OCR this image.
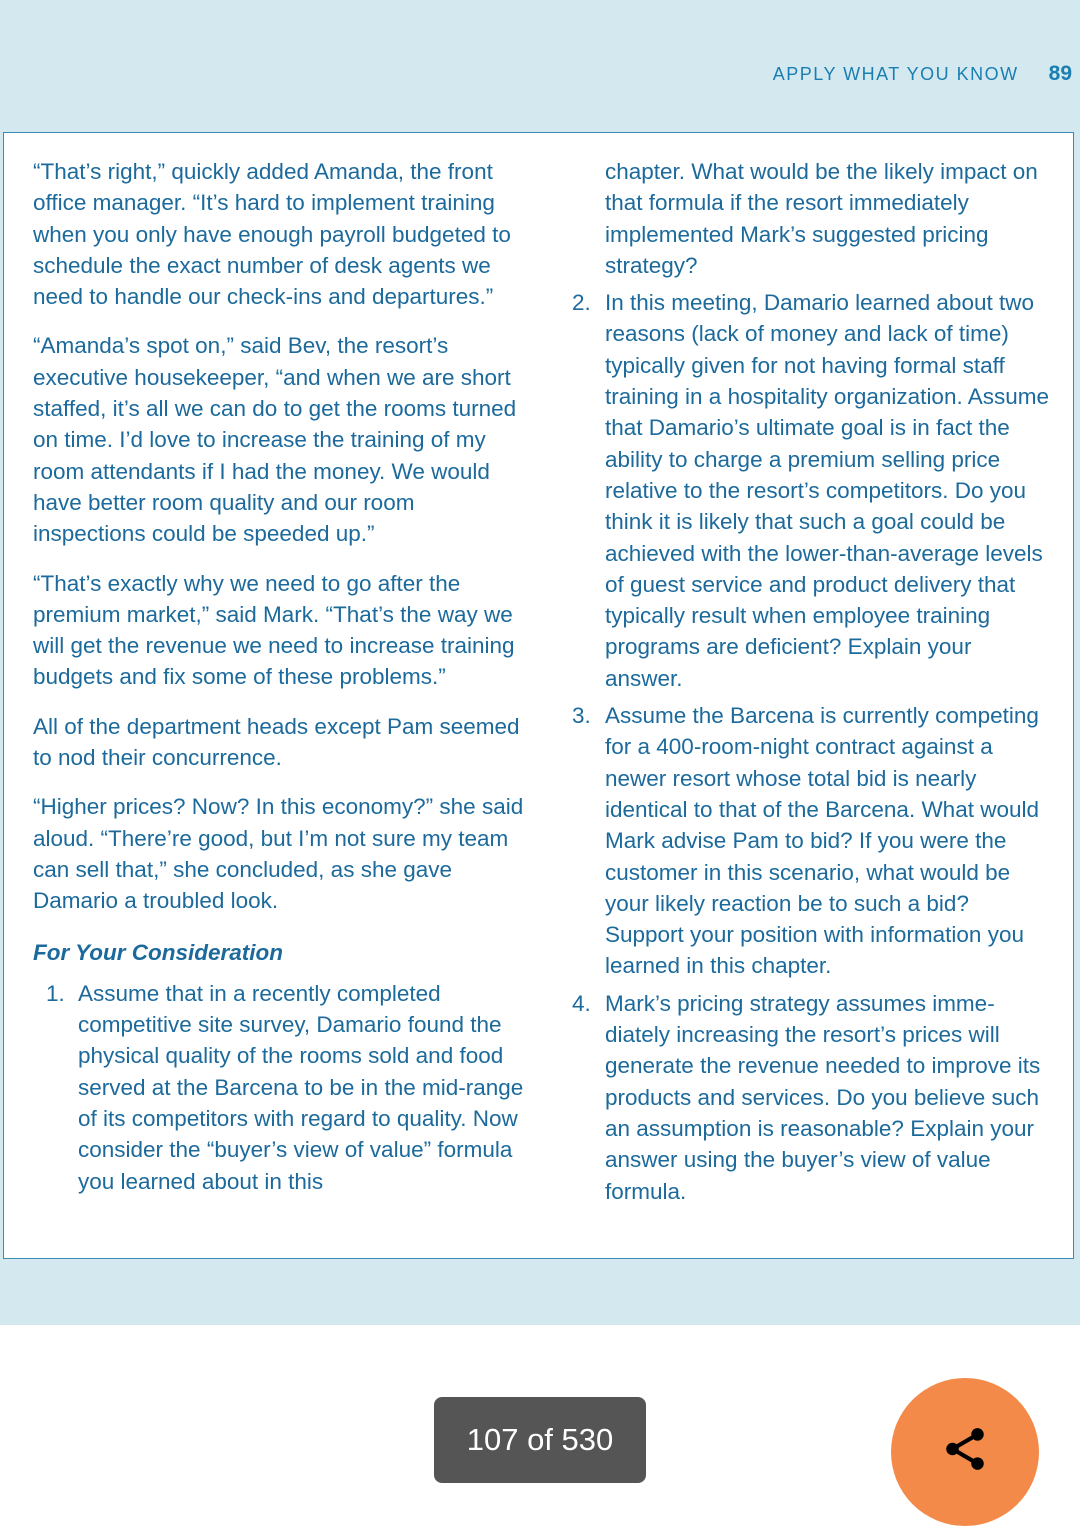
APPLY WHAT YOU KNOW 89

“That’s right,” quickly added Amanda, the front office manager. “It’s hard to implement training when you only have enough payroll budgeted to schedule the exact number of desk agents we need to handle our check-ins and departures.”

“Amanda’s spot on,” said Bev, the resort’s executive housekeeper, “and when we are short staffed, it’s all we can do to get the rooms turned on time. I’d love to increase the training of my room attendants if I had the money. We would have better room quality and our room inspections could be speeded up.”

“That’s exactly why we need to go after the premium market,” said Mark. “That’s the way we will get the revenue we need to increase training budgets and fix some of these problems.”

All of the department heads except Pam seemed to nod their concurrence.

“Higher prices? Now? In this economy?” she said aloud. “There’re good, but I’m not sure my team can sell that,” she concluded, as she gave Damario a troubled look.

For Your Consideration
1. Assume that in a recently completed competitive site survey, Damario found the physical quality of the rooms sold and food served at the Barcena to be in the mid-range of its competitors with regard to quality. Now consider the “buyer’s view of value” formula you learned about in this

chapter. What would be the likely impact on that formula if the resort immediately implemented Mark’s suggested pricing strategy?

2. In this meeting, Damario learned about two reasons (lack of money and lack of time) typically given for not having formal staff training in a hospitality organization. Assume that Damario’s ultimate goal is in fact the ability to charge a premium selling price relative to the resort’s competitors. Do you think it is likely that such a goal could be achieved with the lower-than-average levels of guest service and product delivery that typically result when employee training programs are deficient? Explain your answer.
3. Assume the Barcena is currently competing for a 400-room-night contract against a newer resort whose total bid is nearly identical to that of the Barcena. What would Mark advise Pam to bid? If you were the customer in this scenario, what would be your likely reaction be to such a bid? Support your position with information you learned in this chapter.
4. Mark’s pricing strategy assumes immediately increasing the resort’s prices will generate the revenue needed to improve its products and services. Do you believe such an assumption is reasonable? Explain your answer using the buyer’s view of value formula.
107 of 530
